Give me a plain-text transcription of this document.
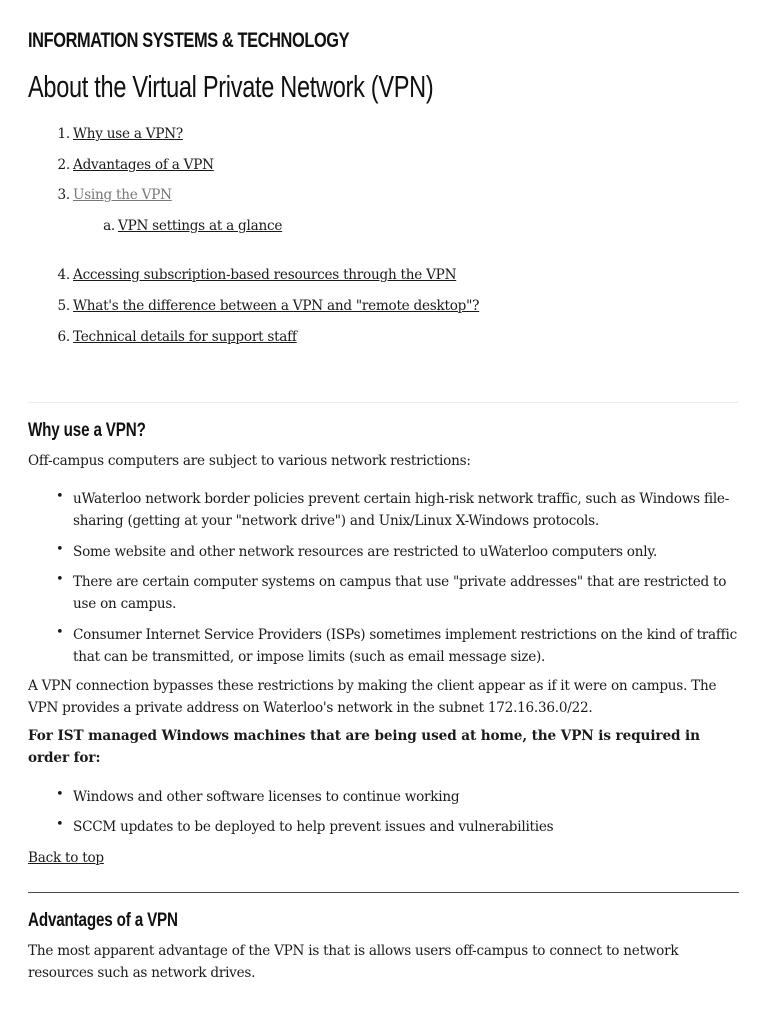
INFORMATION SYSTEMS & TECHNOLOGY
About the Virtual Private Network (VPN)
1. Why use a VPN?
2. Advantages of a VPN
3. Using the VPN
a. VPN settings at a glance
4. Accessing subscription-based resources through the VPN
5. What's the difference between a VPN and "remote desktop"?
6. Technical details for support staff
Why use a VPN?
Off-campus computers are subject to various network restrictions:
• uWaterloo network border policies prevent certain high-risk network traffic, such as Windows file-sharing (getting at your "network drive") and Unix/Linux X-Windows protocols.
• Some website and other network resources are restricted to uWaterloo computers only.
• There are certain computer systems on campus that use "private addresses" that are restricted to use on campus.
• Consumer Internet Service Providers (ISPs) sometimes implement restrictions on the kind of traffic that can be transmitted, or impose limits (such as email message size).
A VPN connection bypasses these restrictions by making the client appear as if it were on campus. The VPN provides a private address on Waterloo's network in the subnet 172.16.36.0/22.
For IST managed Windows machines that are being used at home, the VPN is required in order for:
• Windows and other software licenses to continue working
• SCCM updates to be deployed to help prevent issues and vulnerabilities
Back to top
Advantages of a VPN
The most apparent advantage of the VPN is that is allows users off-campus to connect to network resources such as network drives.
